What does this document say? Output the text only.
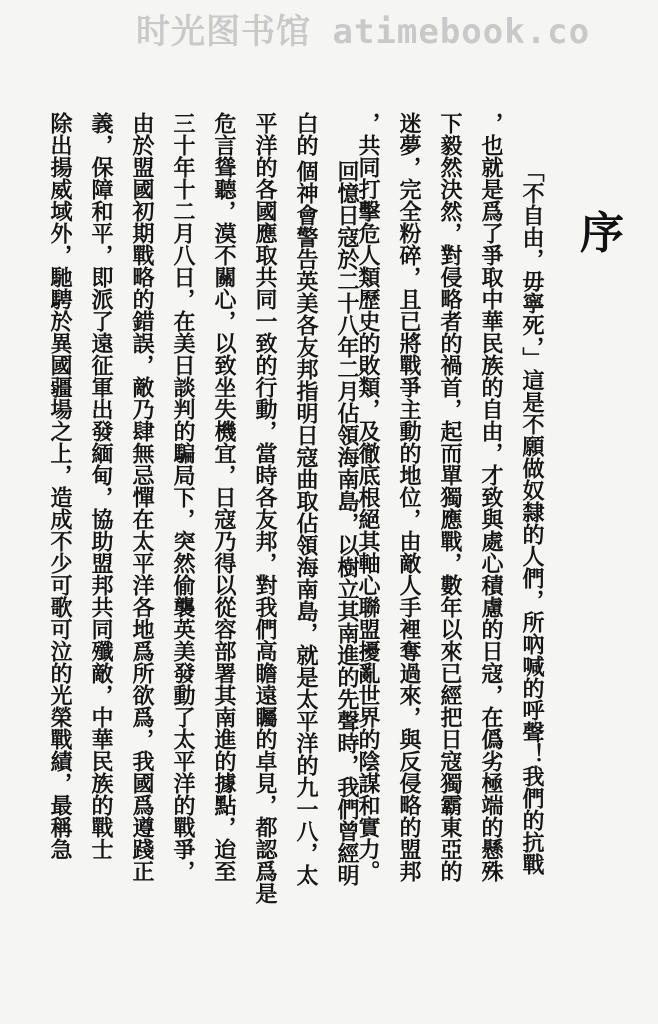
时光图书馆 atimebook.co
序
「不自由，毋寧死，」這是不願做奴隸的人們，所吶喊的呼聲！我們的抗戰
，也就是爲了爭取中華民族的自由，才致與處心積慮的日寇，在僞劣極端的懸殊
下毅然決然，對侵略者的禍首，起而單獨應戰，數年以來已經把日寇獨霸東亞的
迷夢，完全粉碎，且已將戰爭主動的地位，由敵人手裡奪過來，與反侵略的盟邦
，共同打擊危人類歷史的敗類，及徹底根絕其軸心聯盟擾亂世界的陰謀和實力。
回憶日寇於二十八年二月佔領海南島，以樹立其南進的先聲時，我們曾經明
白的
個神會警告英美各友邦指明日寇曲取佔領海南島，就是太平洋的九一八，太
平洋的各國應取共同一致的行動，當時各友邦，對我們高瞻遠矚的卓見，都認爲是
危言聳聽，漠不關心，以致坐失機宜，日寇乃得以從容部署其南進的據點，迨至
三十年十二月八日，在美日談判的騙局下，突然偷襲英美發動了太平洋的戰爭，
由於盟國初期戰略的錯誤，敵乃肆無忌憚在太平洋各地爲所欲爲，我國爲遵踐正
義，保障和平，即派了遠征軍出發緬甸，協助盟邦共同殲敵，中華民族的戰士
除出揚威域外，馳騁於異國疆場之上，造成不少可歌可泣的光榮戰績，最稱急
